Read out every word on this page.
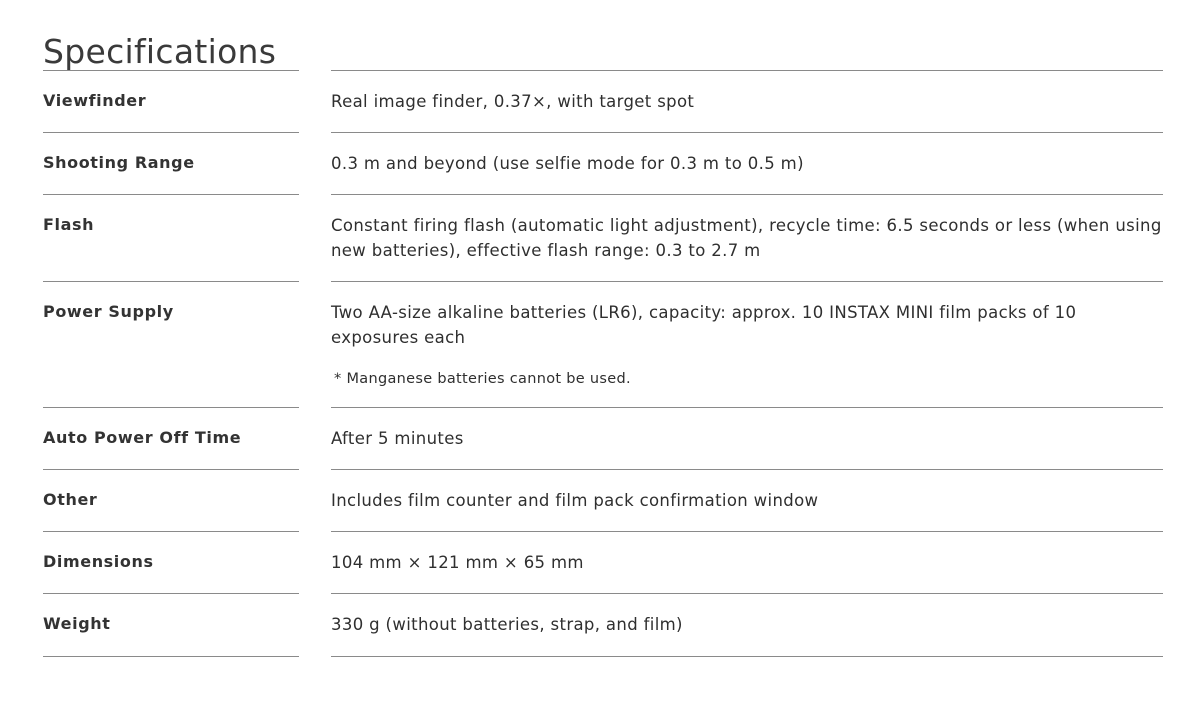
Specifications
Viewfinder	Real image finder, 0.37×, with target spot
Shooting Range	0.3 m and beyond (use selfie mode for 0.3 m to 0.5 m)
Flash	Constant firing flash (automatic light adjustment), recycle time: 6.5 seconds or less (when using new batteries), effective flash range: 0.3 to 2.7 m
Power Supply	Two AA-size alkaline batteries (LR6), capacity: approx. 10 INSTAX MINI film packs of 10 exposures each
* Manganese batteries cannot be used.
Auto Power Off Time	After 5 minutes
Other	Includes film counter and film pack confirmation window
Dimensions	104 mm × 121 mm × 65 mm
Weight	330 g (without batteries, strap, and film)
